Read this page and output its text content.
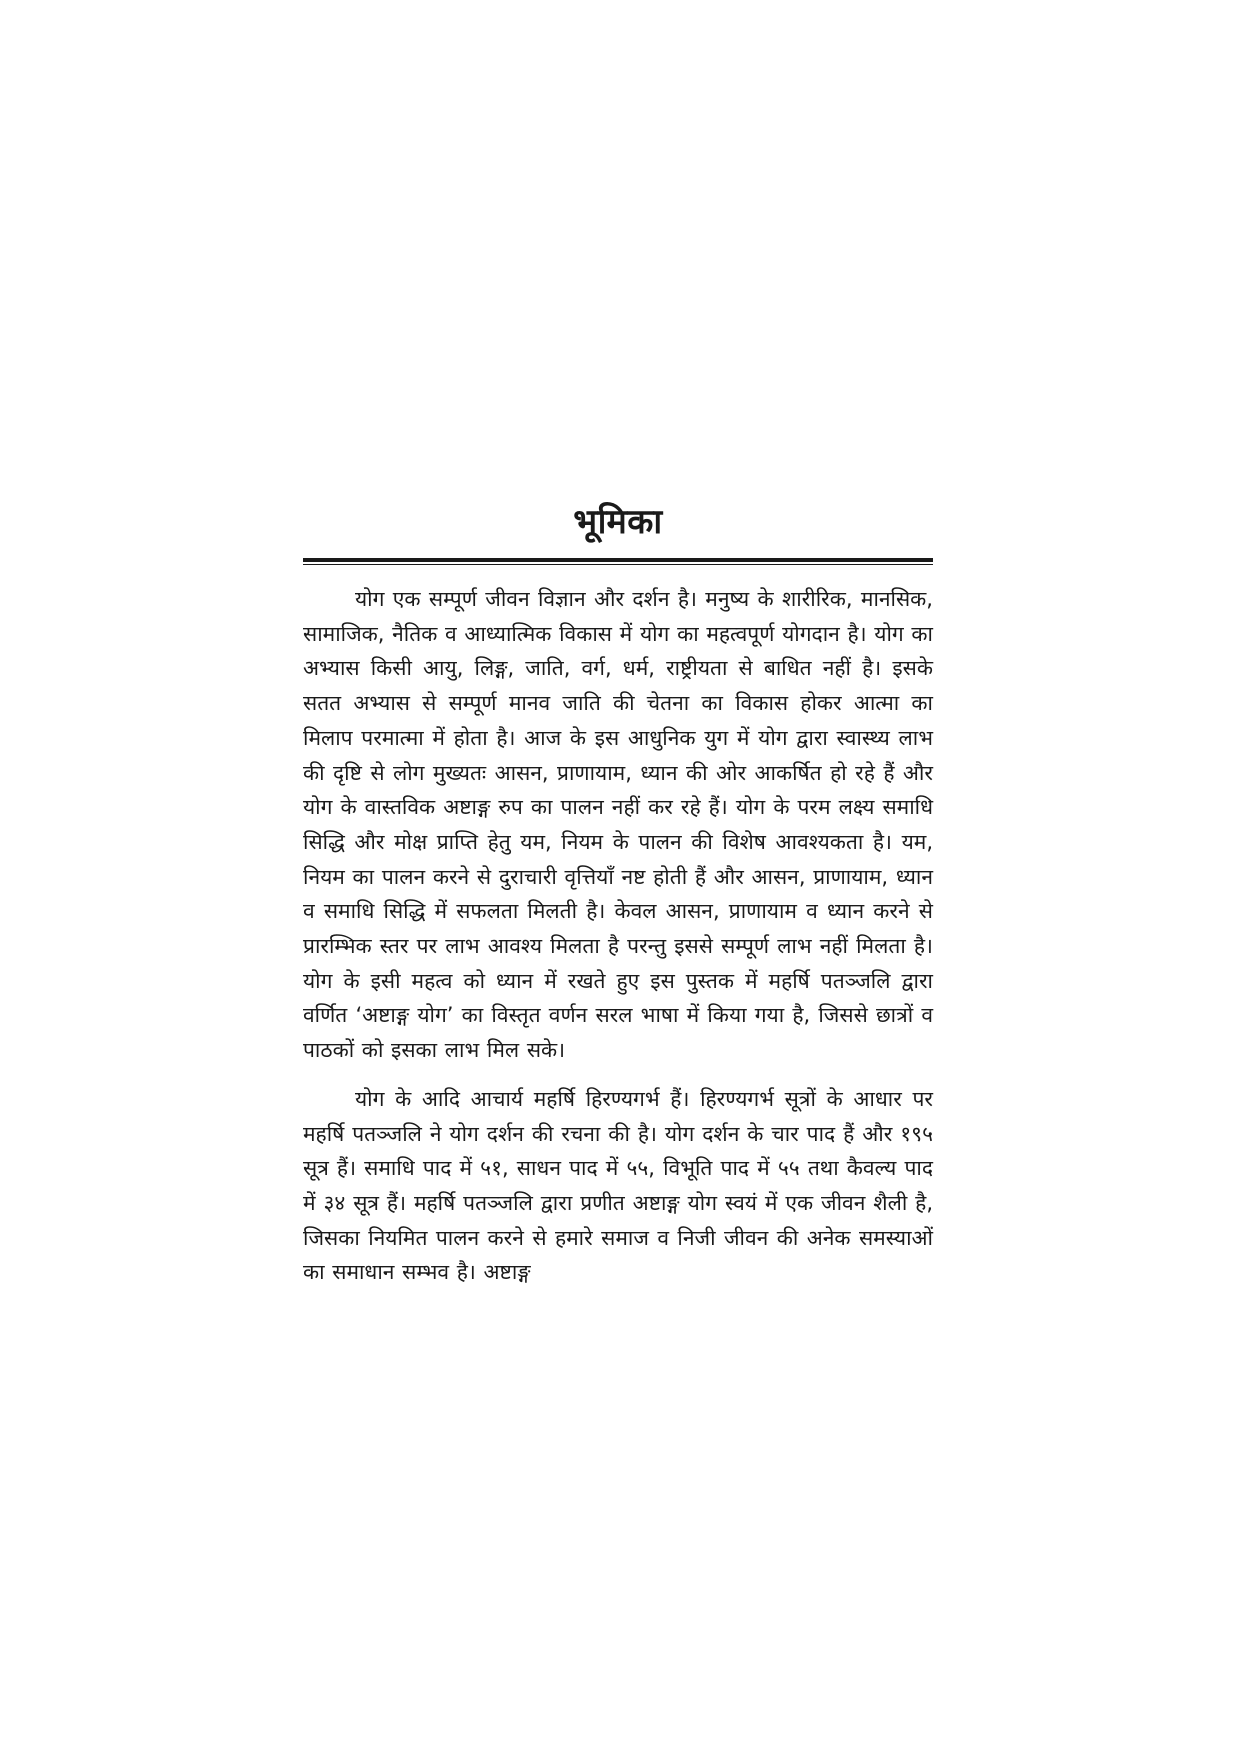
भूमिका

योग एक सम्पूर्ण जीवन विज्ञान और दर्शन है। मनुष्य के शारीरिक, मानसिक, सामाजिक, नैतिक व आध्यात्मिक विकास में योग का महत्वपूर्ण योगदान है। योग का अभ्यास किसी आयु, लिङ्ग, जाति, वर्ग, धर्म, राष्ट्रीयता से बाधित नहीं है। इसके सतत अभ्यास से सम्पूर्ण मानव जाति की चेतना का विकास होकर आत्मा का मिलाप परमात्मा में होता है। आज के इस आधुनिक युग में योग द्वारा स्वास्थ्य लाभ की दृष्टि से लोग मुख्यतः आसन, प्राणायाम, ध्यान की ओर आकर्षित हो रहे हैं और योग के वास्तविक अष्टाङ्ग रुप का पालन नहीं कर रहे हैं। योग के परम लक्ष्य समाधि सिद्धि और मोक्ष प्राप्ति हेतु यम, नियम के पालन की विशेष आवश्यकता है। यम, नियम का पालन करने से दुराचारी वृत्तियाँ नष्ट होती हैं और आसन, प्राणायाम, ध्यान व समाधि सिद्धि में सफलता मिलती है। केवल आसन, प्राणायाम व ध्यान करने से प्रारम्भिक स्तर पर लाभ आवश्य मिलता है परन्तु इससे सम्पूर्ण लाभ नहीं मिलता है। योग के इसी महत्व को ध्यान में रखते हुए इस पुस्तक में महर्षि पतञ्जलि द्वारा वर्णित ‘अष्टाङ्ग योग’ का विस्तृत वर्णन सरल भाषा में किया गया है, जिससे छात्रों व पाठकों को इसका लाभ मिल सके।

योग के आदि आचार्य महर्षि हिरण्यगर्भ हैं। हिरण्यगर्भ सूत्रों के आधार पर महर्षि पतञ्जलि ने योग दर्शन की रचना की है। योग दर्शन के चार पाद हैं और १९५ सूत्र हैं। समाधि पाद में ५१, साधन पाद में ५५, विभूति पाद में ५५ तथा कैवल्य पाद में ३४ सूत्र हैं। महर्षि पतञ्जलि द्वारा प्रणीत अष्टाङ्ग योग स्वयं में एक जीवन शैली है, जिसका नियमित पालन करने से हमारे समाज व निजी जीवन की अनेक समस्याओं का समाधान सम्भव है। अष्टाङ्ग
